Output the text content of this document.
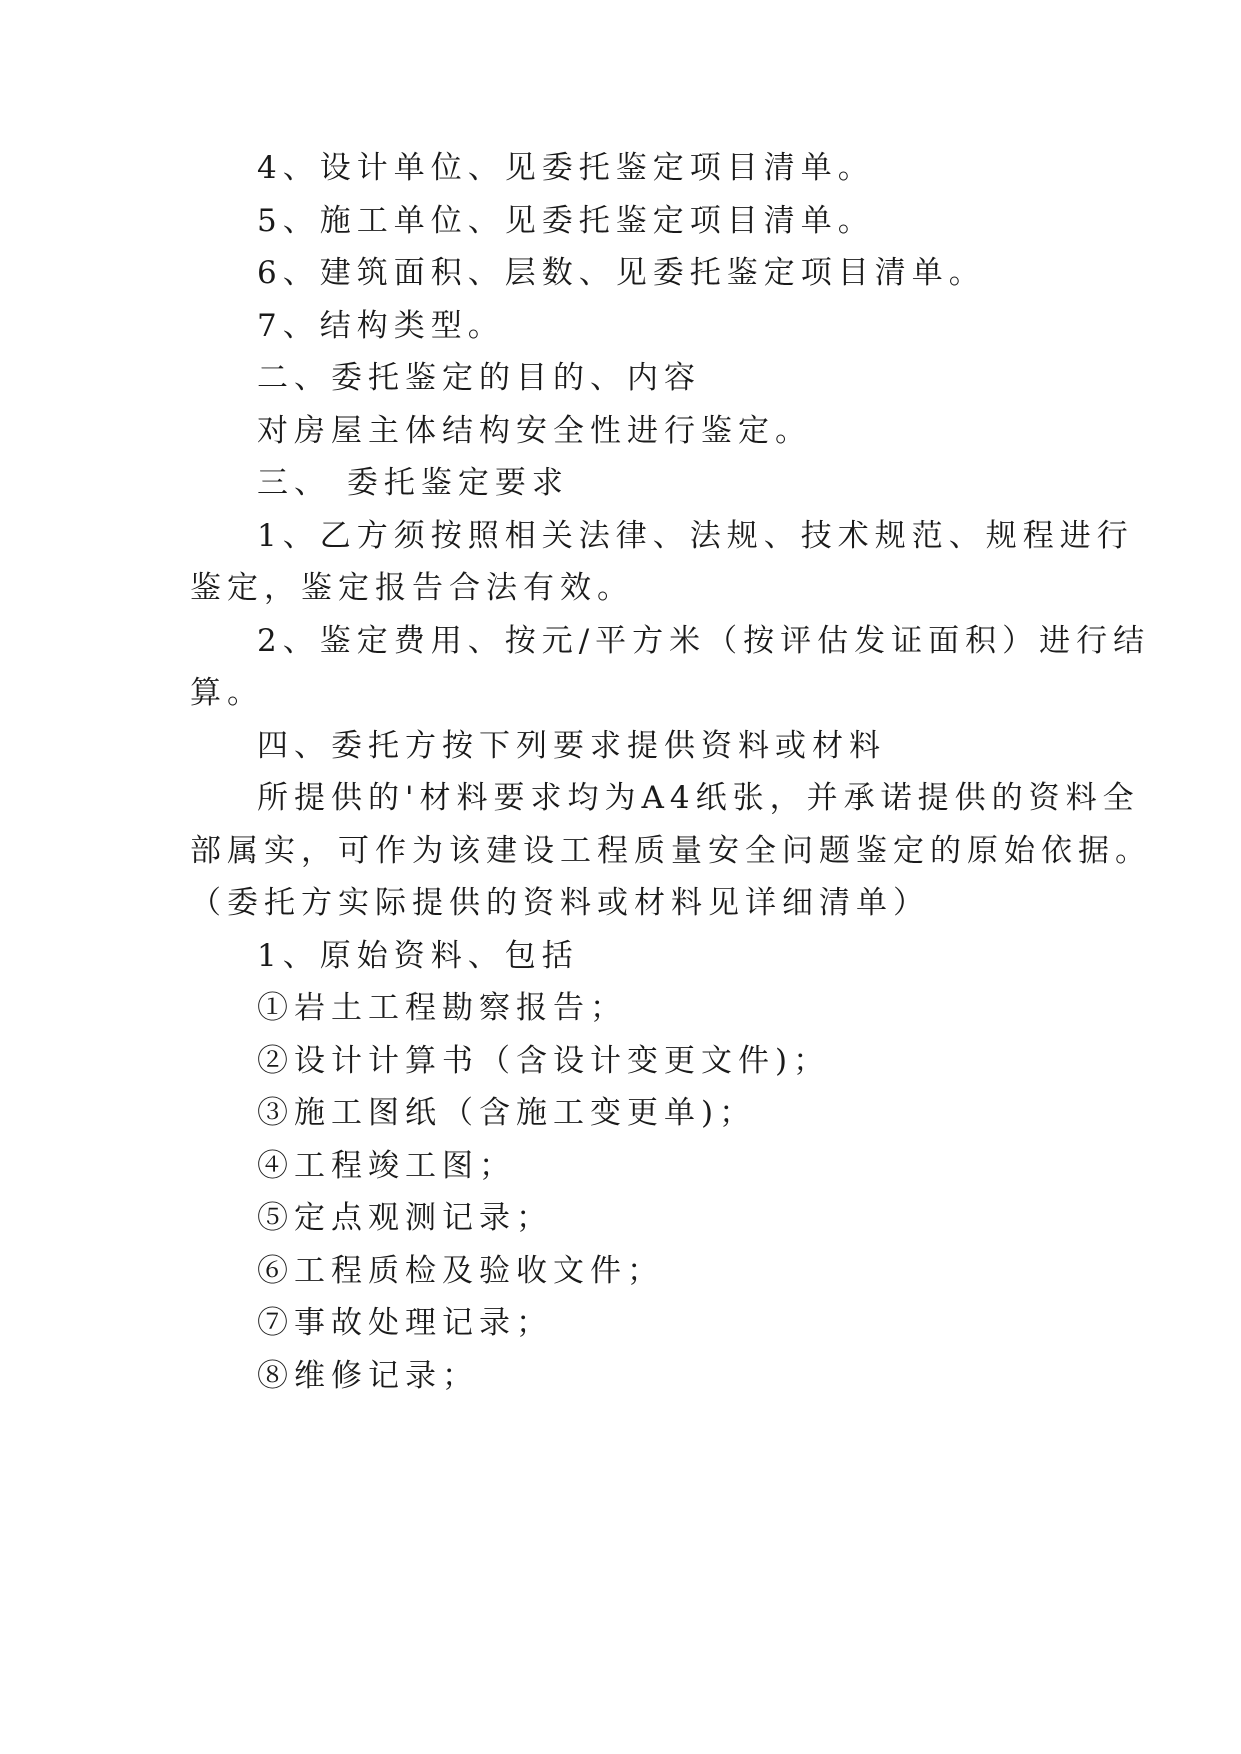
4、设计单位、见委托鉴定项目清单。
5、施工单位、见委托鉴定项目清单。
6、建筑面积、层数、见委托鉴定项目清单。
7、结构类型。
二、委托鉴定的目的、内容
对房屋主体结构安全性进行鉴定。
三、 委托鉴定要求
1、乙方须按照相关法律、法规、技术规范、规程进行
鉴定，鉴定报告合法有效。
2、鉴定费用、按元/平方米（按评估发证面积）进行结
算。
四、委托方按下列要求提供资料或材料
所提供的'材料要求均为A4纸张，并承诺提供的资料全
部属实，可作为该建设工程质量安全问题鉴定的原始依据。
（委托方实际提供的资料或材料见详细清单）
1、原始资料、包括
①岩土工程勘察报告；
②设计计算书（含设计变更文件)；
③施工图纸（含施工变更单)；
④工程竣工图；
⑤定点观测记录；
⑥工程质检及验收文件；
⑦事故处理记录；
⑧维修记录；
